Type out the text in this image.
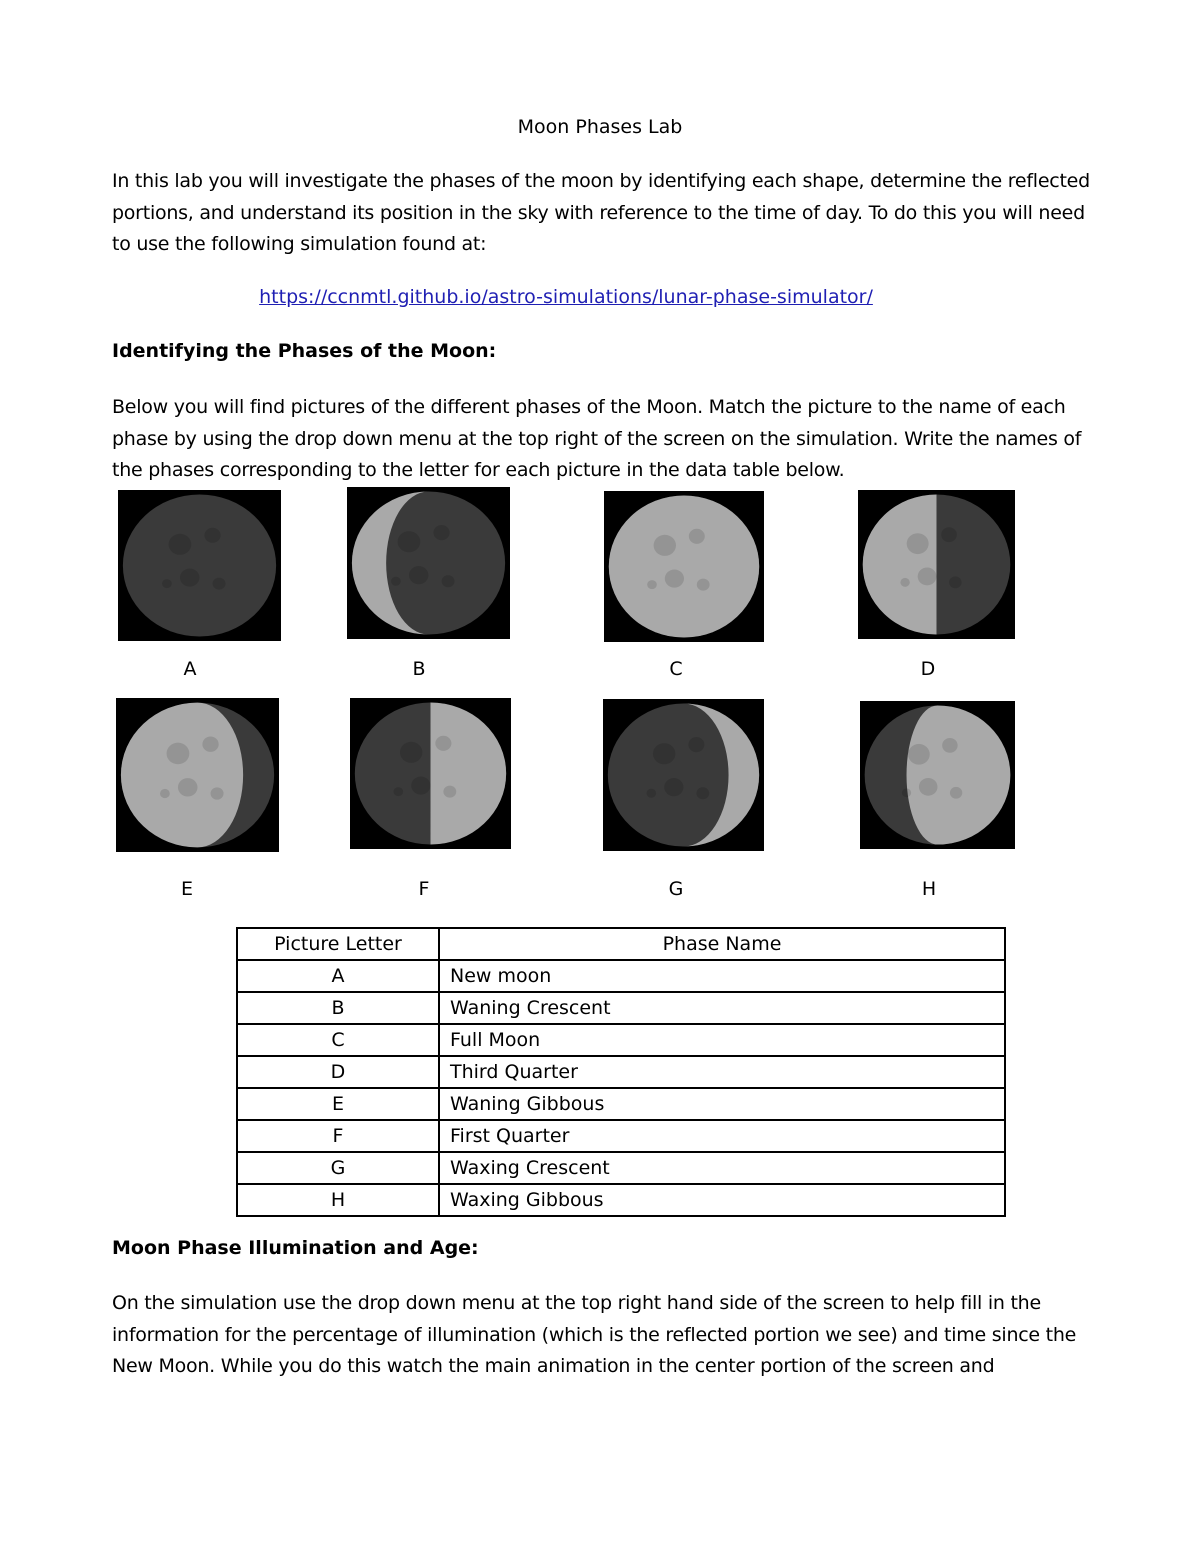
Moon Phases Lab
In this lab you will investigate the phases of the moon by identifying each shape, determine the reflected portions, and understand its position in the sky with reference to the time of day. To do this you will need to use the following simulation found at:
https://ccnmtl.github.io/astro-simulations/lunar-phase-simulator/
Identifying the Phases of the Moon:
Below you will find pictures of the different phases of the Moon. Match the picture to the name of each phase by using the drop down menu at the top right of the screen on the simulation. Write the names of the phases corresponding to the letter for each picture in the data table below.
A	B	C	D
E	F	G	H
Picture Letter	Phase Name
A	New moon
B	Waning Crescent
C	Full Moon
D	Third Quarter
E	Waning Gibbous
F	First Quarter
G	Waxing Crescent
H	Waxing Gibbous
Moon Phase Illumination and Age:
On the simulation use the drop down menu at the top right hand side of the screen to help fill in the information for the percentage of illumination (which is the reflected portion we see) and time since the New Moon. While you do this watch the main animation in the center portion of the screen and
